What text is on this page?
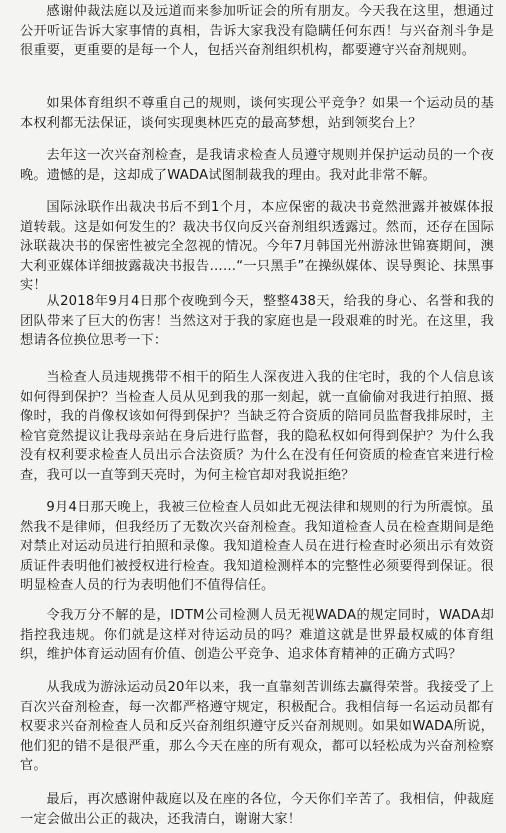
感谢仲裁法庭以及远道而来参加听证会的所有朋友。今天我在这里，想通过公开听证告诉大家事情的真相，告诉大家我没有隐瞒任何东西！与兴奋剂斗争是很重要，更重要的是每一个人，包括兴奋剂组织机构，都要遵守兴奋剂规则。

如果体育组织不尊重自己的规则，谈何实现公平竞争？如果一个运动员的基本权利都无法保证，谈何实现奥林匹克的最高梦想，站到领奖台上？

去年这一次兴奋剂检查，是我请求检查人员遵守规则并保护运动员的一个夜晚。遗憾的是，这却成了WADA试图制裁我的理由。我对此非常不解。

国际泳联作出裁决书后不到1个月，本应保密的裁决书竟然泄露并被媒体报道转载。这是如何发生的？裁决书仅向反兴奋剂组织透露过。然而，还存在国际泳联裁决书的保密性被完全忽视的情况。今年7月韩国光州游泳世锦赛期间，澳大利亚媒体详细披露裁决书报告……“一只黑手”在操纵媒体、误导舆论、抹黑事实！

从2018年9月4日那个夜晚到今天，整整438天，给我的身心、名誉和我的团队带来了巨大的伤害！当然这对于我的家庭也是一段艰难的时光。在这里，我想请各位换位思考一下：

当检查人员违规携带不相干的陌生人深夜进入我的住宅时，我的个人信息该如何得到保护？当检查人员从见到我的那一刻起，就一直偷偷对我进行拍照、摄像时，我的肖像权该如何得到保护？当缺乏符合资质的陪同员监督我排尿时，主检官竟然提议让我母亲站在身后进行监督，我的隐私权如何得到保护？为什么我没有权利要求检查人员出示合法资质？为什么在没有任何资质的检查官来进行检查，我可以一直等到天亮时，为何主检官却对我说拒绝？

9月4日那天晚上，我被三位检查人员如此无视法律和规则的行为所震惊。虽然我不是律师，但我经历了无数次兴奋剂检查。我知道检查人员在检查期间是绝对禁止对运动员进行拍照和录像。我知道检查人员在进行检查时必须出示有效资质证件表明他们被授权进行检查。我知道检测样本的完整性必须要得到保证。很明显检查人员的行为表明他们不值得信任。

令我万分不解的是，IDTM公司检测人员无视WADA的规定同时，WADA却指控我违规。你们就是这样对待运动员的吗？难道这就是世界最权威的体育组织，维护体育运动固有价值、创造公平竞争、追求体育精神的正确方式吗？

从我成为游泳运动员20年以来，我一直靠刻苦训练去赢得荣誉。我接受了上百次兴奋剂检查，每一次都严格遵守规定，积极配合。我相信每一名运动员都有权要求兴奋剂检查人员和反兴奋剂组织遵守反兴奋剂规则。如果如WADA所说，他们犯的错不是很严重，那么今天在座的所有观众，都可以轻松成为兴奋剂检察官。

最后，再次感谢仲裁庭以及在座的各位，今天你们辛苦了。我相信，仲裁庭一定会做出公正的裁决，还我清白，谢谢大家！
